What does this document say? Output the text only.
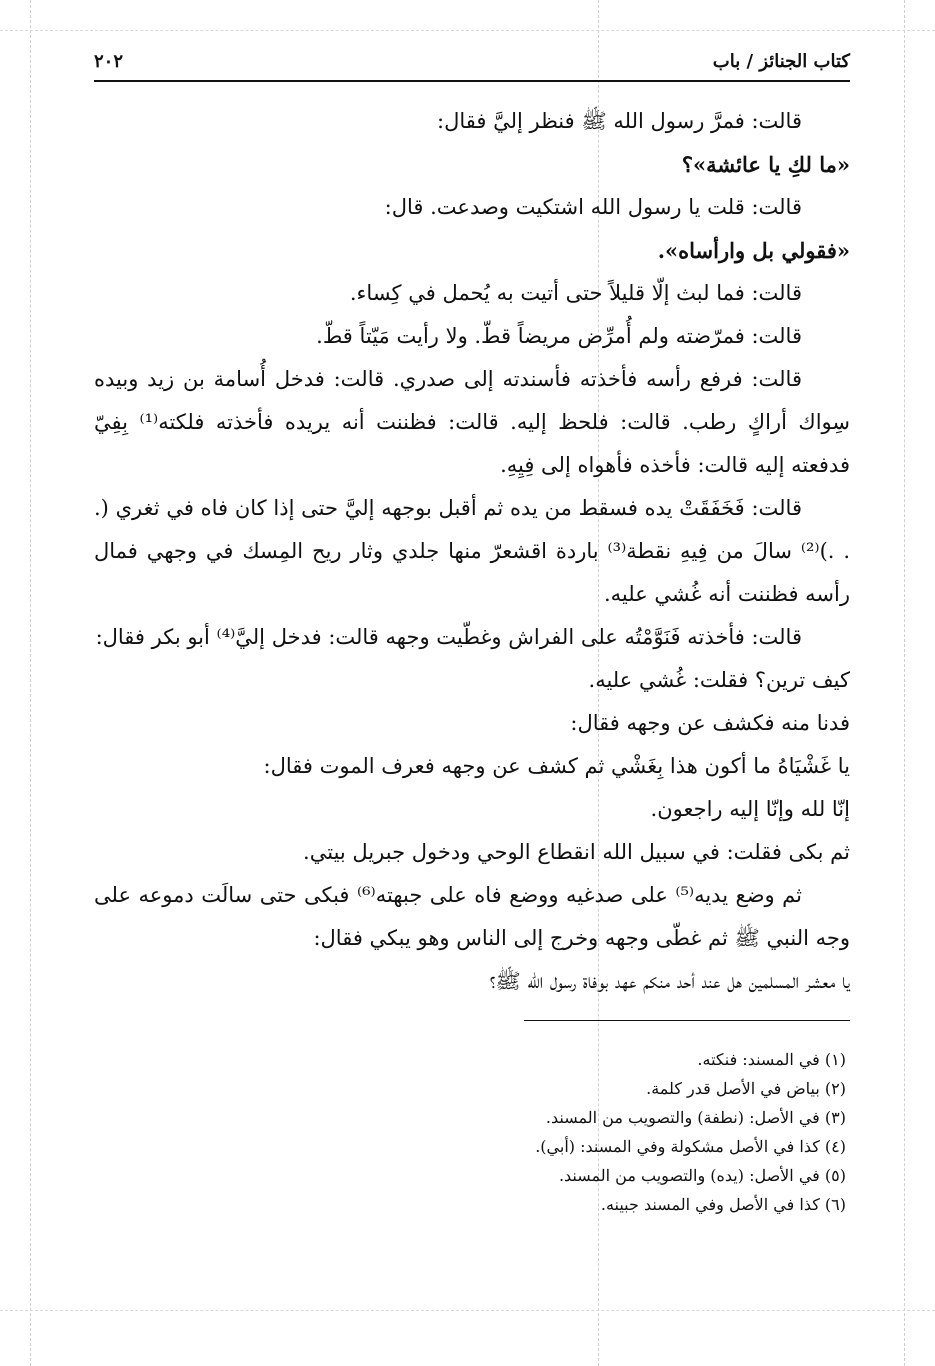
كتاب الجنائز / باب
٢٠٢

قالت: فمرَّ رسول الله ﷺ فنظر إليَّ فقال:

«ما لكِ يا عائشة»؟

قالت: قلت يا رسول الله اشتكيت وصدعت. قال:

«فقولي بل وارأساه».

قالت: فما لبث إلّا قليلاً حتى أتيت به يُحمل في كِساء.

قالت: فمرّضته ولم أُمرِّض مريضاً قطّ. ولا رأيت مَيّتاً قطّ.

قالت: فرفع رأسه فأخذته فأسندته إلى صدري. قالت: فدخل أُسامة بن زيد وبيده سِواك أراكٍ رطب. قالت: فلحظ إليه. قالت: فظننت أنه يريده فأخذته فلكته⁽¹⁾ بِفِيّ فدفعته إليه قالت: فأخذه فأهواه إلى فِيِهِ.

قالت: فَخَفَقَتْ يده فسقط من يده ثم أقبل بوجهه إليَّ حتى إذا كان فاه في ثغري (. . .)⁽²⁾ سالَ من فِيهِ نقطة⁽³⁾ باردة اقشعرّ منها جلدي وثار ريح المِسك في وجهي فمال رأسه فظننت أنه غُشي عليه.

قالت: فأخذته فَنَوَّمْتُه على الفراش وغطّيت وجهه قالت: فدخل إليَّ⁽⁴⁾ أبو بكر فقال:

كيف ترين؟ فقلت: غُشي عليه.

فدنا منه فكشف عن وجهه فقال:

يا غَشْيَاهُ ما أكون هذا بِغَشْي ثم كشف عن وجهه فعرف الموت فقال:

إنّا لله وإنّا إليه راجعون.

ثم بكى فقلت: في سبيل الله انقطاع الوحي ودخول جبريل بيتي.

ثم وضع يديه⁽⁵⁾ على صدغيه ووضع فاه على جبهته⁽⁶⁾ فبكى حتى سالَت دموعه على وجه النبي ﷺ ثم غطّى وجهه وخرج إلى الناس وهو يبكي فقال:

يا معشر المسلمين هل عند أحد منكم عهد بوفاة رسول الله ﷺ؟

(١) في المسند: فنكته.

(٢) بياض في الأصل قدر كلمة.

(٣) في الأصل: (نطفة) والتصويب من المسند.

(٤) كذا في الأصل مشكولة وفي المسند: (أبي).

(٥) في الأصل: (يده) والتصويب من المسند.

(٦) كذا في الأصل وفي المسند جبينه.
